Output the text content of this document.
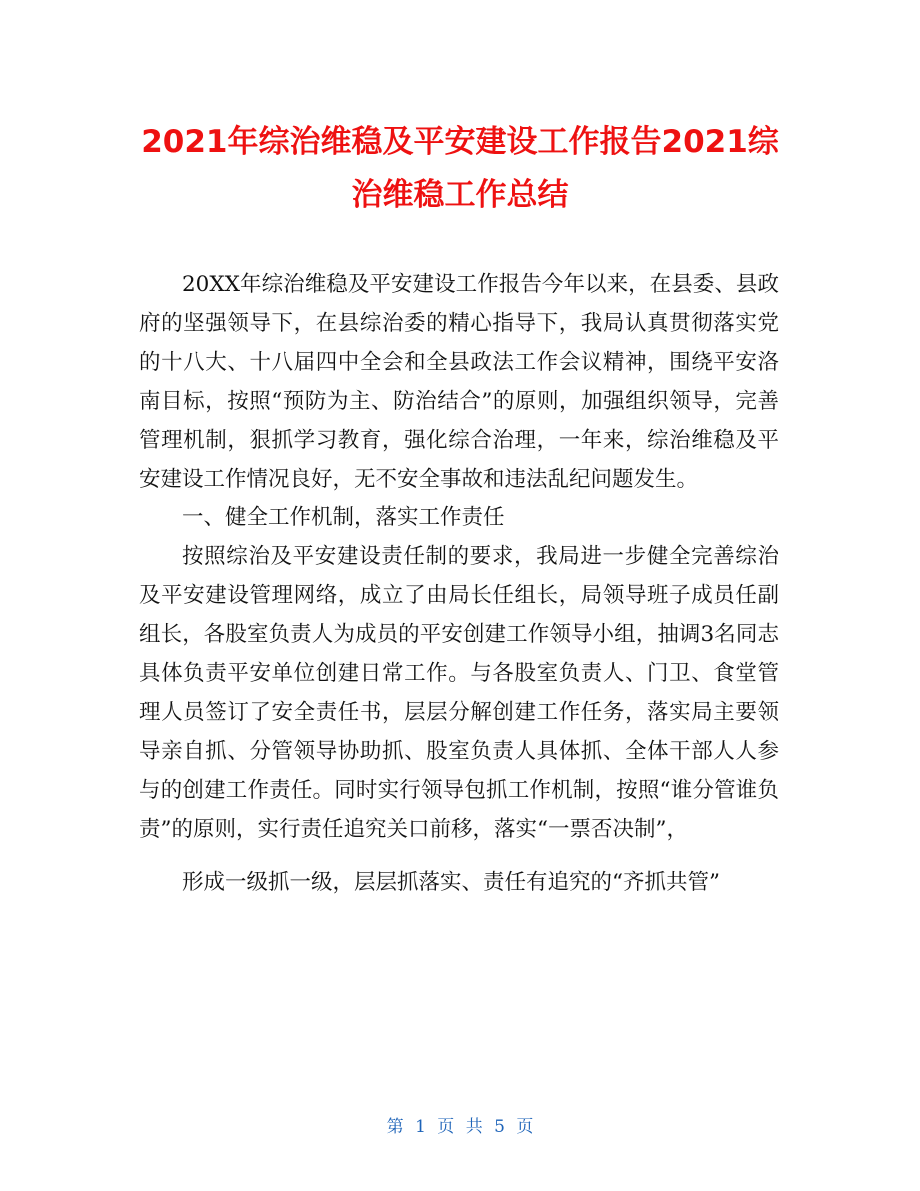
2021年综治维稳及平安建设工作报告2021综治维稳工作总结

20XX年综治维稳及平安建设工作报告今年以来，在县委、县政府的坚强领导下，在县综治委的精心指导下，我局认真贯彻落实党的十八大、十八届四中全会和全县政法工作会议精神，围绕平安洛南目标，按照“预防为主、防治结合”的原则，加强组织领导，完善管理机制，狠抓学习教育，强化综合治理，一年来，综治维稳及平安建设工作情况良好，无不安全事故和违法乱纪问题发生。

一、健全工作机制，落实工作责任

按照综治及平安建设责任制的要求，我局进一步健全完善综治及平安建设管理网络，成立了由局长任组长，局领导班子成员任副组长，各股室负责人为成员的平安创建工作领导小组，抽调3名同志具体负责平安单位创建日常工作。与各股室负责人、门卫、食堂管理人员签订了安全责任书，层层分解创建工作任务，落实局主要领导亲自抓、分管领导协助抓、股室负责人具体抓、全体干部人人参与的创建工作责任。同时实行领导包抓工作机制，按照“谁分管谁负责”的原则，实行责任追究关口前移，落实“一票否决制”，

形成一级抓一级，层层抓落实、责任有追究的“齐抓共管”

第 1 页 共 5 页
